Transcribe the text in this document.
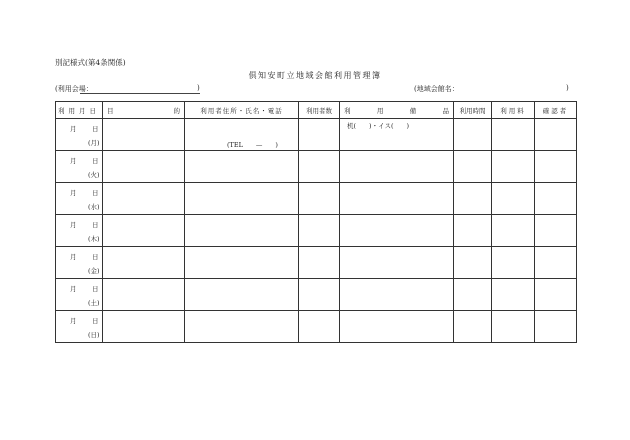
別記様式(第4条関係)
倶知安町立地域会館利用管理簿
(利用会場：	)	(地域会館名：	)
利用月日	目 的	利用者住所・氏名・電話	利用者数	利 用 備 品	利用時間	利用料	確認者

月 日
(月)		(TEL　　—　　)		机(　　)・イス(　　)			

月 日
(火)							

月 日
(水)							

月 日
(木)							

月 日
(金)							

月 日
(土)							

月 日
(日)							
